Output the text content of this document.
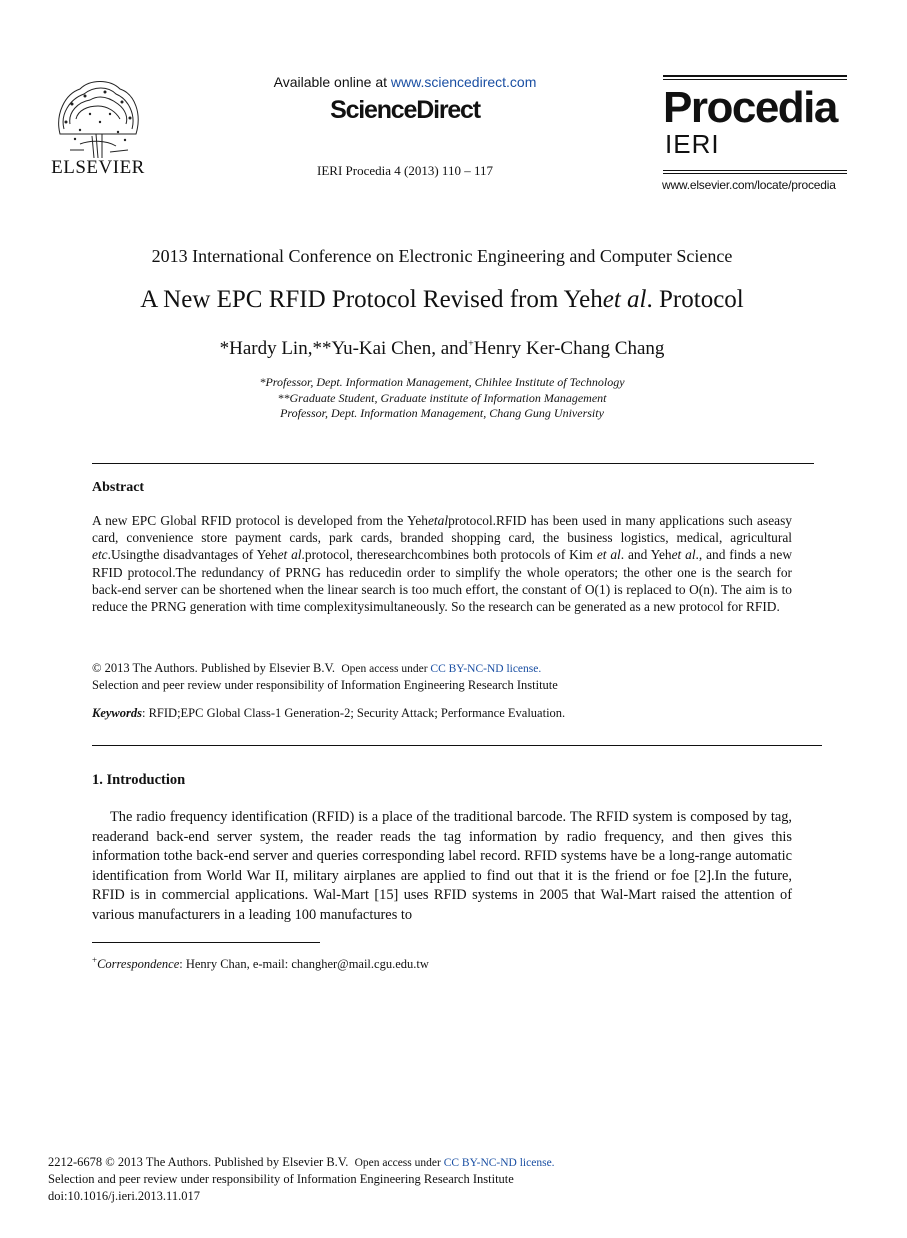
ELSEVIER
Available online at www.sciencedirect.com
ScienceDirect
IERI Procedia 4 (2013) 110 – 117
Procedia
IERI
www.elsevier.com/locate/procedia
2013 International Conference on Electronic Engineering and Computer Science
A New EPC RFID Protocol Revised from Yehet al. Protocol
*Hardy Lin,**Yu-Kai Chen, and+Henry Ker-Chang Chang
*Professor, Dept. Information Management, Chihlee Institute of Technology
**Graduate Student, Graduate institute of Information Management
Professor, Dept. Information Management, Chang Gung University
Abstract
A new EPC Global RFID protocol is developed from the Yehetalprotocol.RFID has been used in many applications such aseasy card, convenience store payment cards, park cards, branded shopping card, the business logistics, medical, agricultural etc.Usingthe disadvantages of Yehet al.protocol, theresearchcombines both protocols of Kim et al. and Yehet al., and finds a new RFID protocol.The redundancy of PRNG has reducedin order to simplify the whole operators; the other one is the search for back-end server can be shortened when the linear search is too much effort, the constant of O(1) is replaced to O(n). The aim is to reduce the PRNG generation with time complexitysimultaneously. So the research can be generated as a new protocol for RFID.
© 2013 The Authors. Published by Elsevier B.V. Open access under CC BY-NC-ND license.
Selection and peer review under responsibility of Information Engineering Research Institute
Keywords: RFID;EPC Global Class-1 Generation-2; Security Attack; Performance Evaluation.
1. Introduction
The radio frequency identification (RFID) is a place of the traditional barcode. The RFID system is composed by tag, readerand back-end server system, the reader reads the tag information by radio frequency, and then gives this information tothe back-end server and queries corresponding label record. RFID systems have be a long-range automatic identification from World War II, military airplanes are applied to find out that it is the friend or foe [2].In the future, RFID is in commercial applications. Wal-Mart [15] uses RFID systems in 2005 that Wal-Mart raised the attention of various manufacturers in a leading 100 manufactures to
+Correspondence: Henry Chan, e-mail: changher@mail.cgu.edu.tw
2212-6678 © 2013 The Authors. Published by Elsevier B.V. Open access under CC BY-NC-ND license.
Selection and peer review under responsibility of Information Engineering Research Institute
doi:10.1016/j.ieri.2013.11.017
